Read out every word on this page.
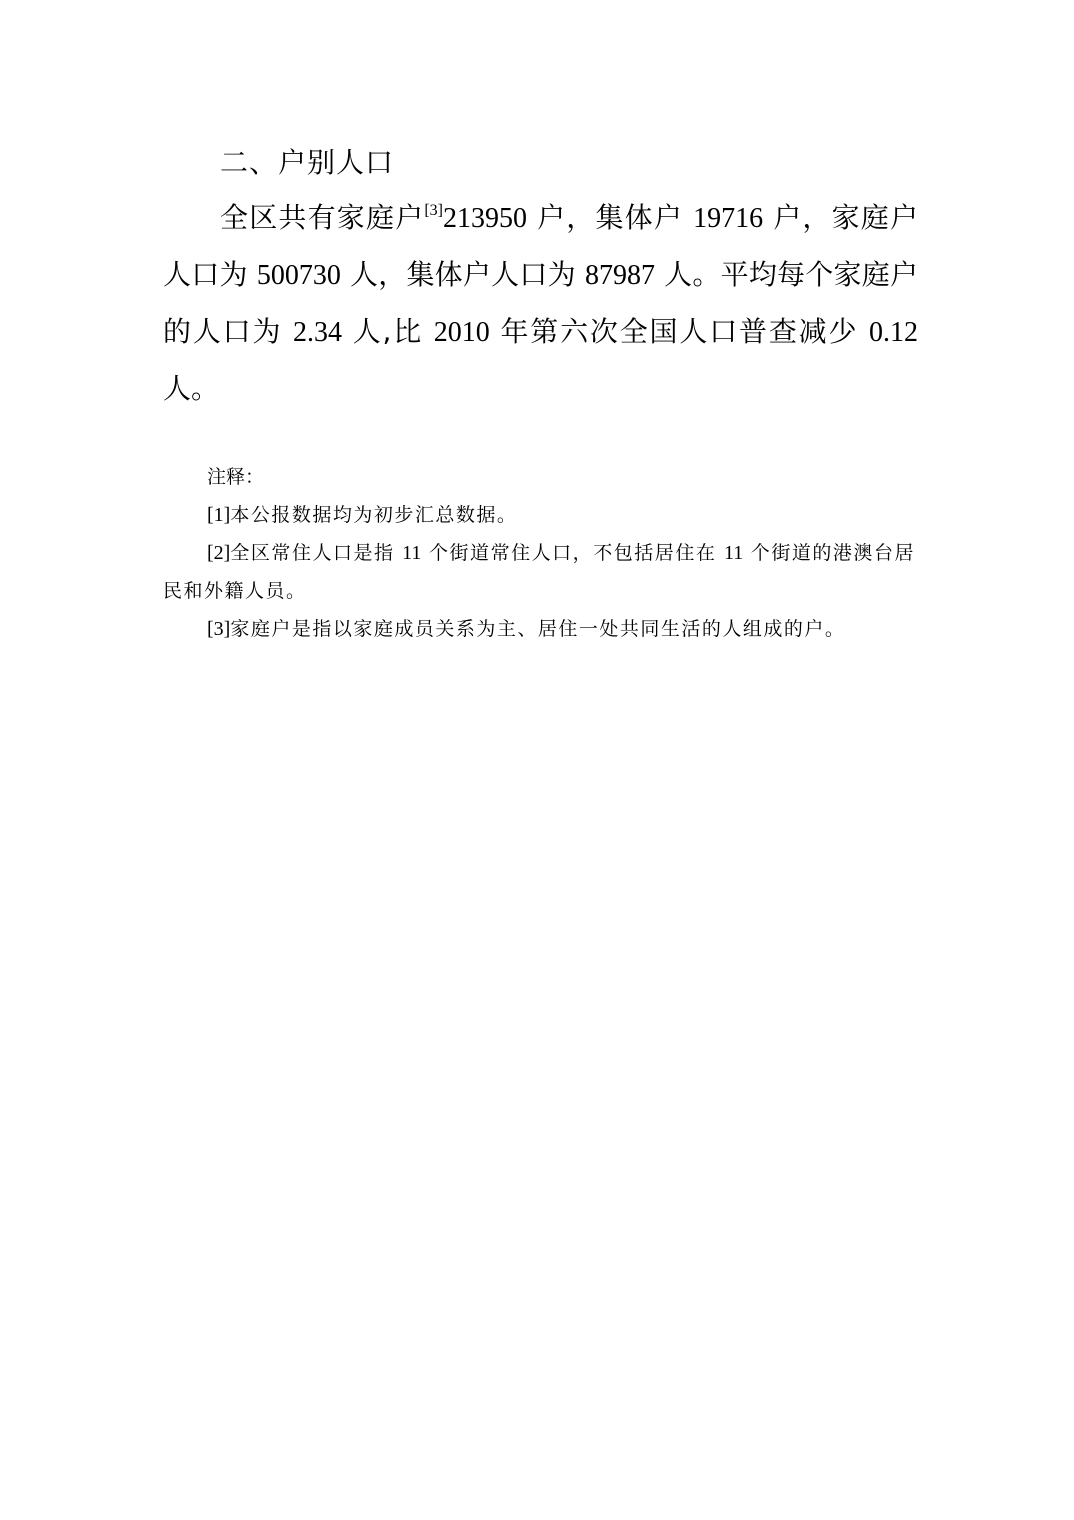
二、户别人口

全区共有家庭户[3]213950 户，集体户 19716 户，家庭户人口为 500730 人，集体户人口为 87987 人。平均每个家庭户的人口为 2.34 人,比 2010 年第六次全国人口普查减少 0.12 人。

注释：

[1]本公报数据均为初步汇总数据。

[2]全区常住人口是指 11 个街道常住人口，不包括居住在 11 个街道的港澳台居民和外籍人员。

[3]家庭户是指以家庭成员关系为主、居住一处共同生活的人组成的户。
